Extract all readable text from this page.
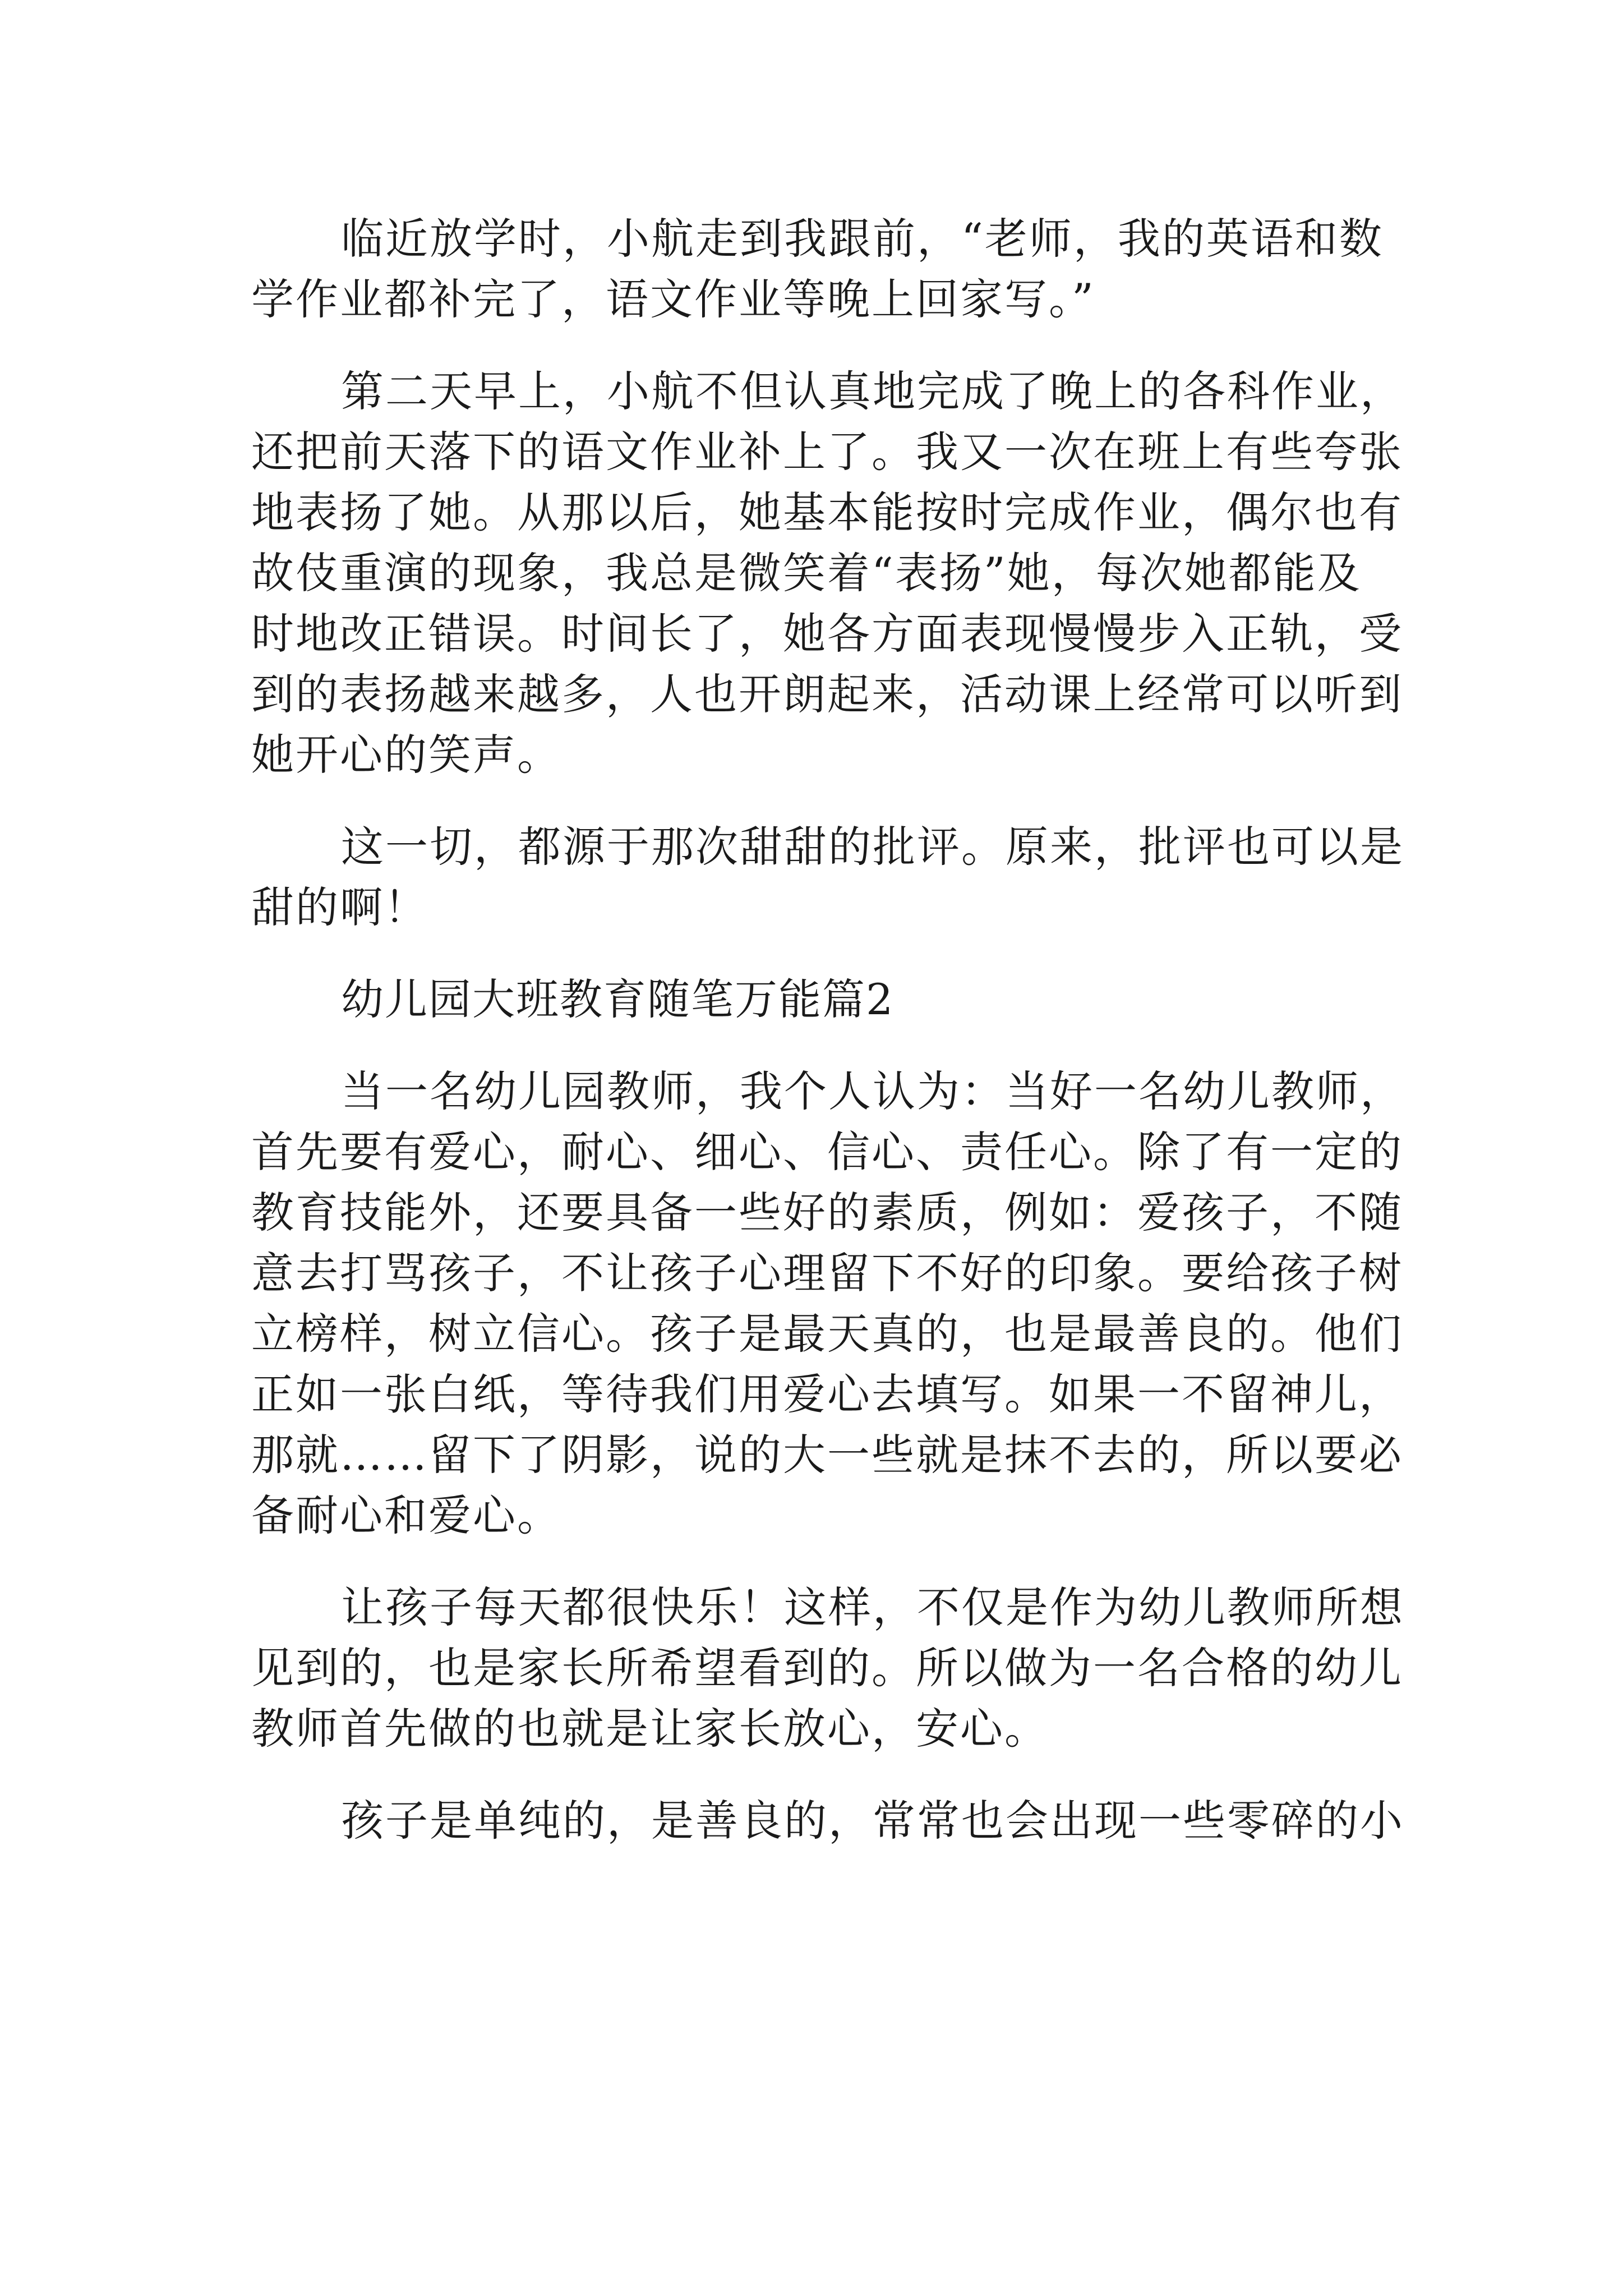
临近放学时，小航走到我跟前，“老师，我的英语和数
学作业都补完了，语文作业等晚上回家写。”
第二天早上，小航不但认真地完成了晚上的各科作业，
还把前天落下的语文作业补上了。我又一次在班上有些夸张
地表扬了她。从那以后，她基本能按时完成作业，偶尔也有
故伎重演的现象，我总是微笑着“表扬”她，每次她都能及
时地改正错误。时间长了，她各方面表现慢慢步入正轨，受
到的表扬越来越多，人也开朗起来，活动课上经常可以听到
她开心的笑声。
这一切，都源于那次甜甜的批评。原来，批评也可以是
甜的啊！
幼儿园大班教育随笔万能篇2
当一名幼儿园教师，我个人认为：当好一名幼儿教师，
首先要有爱心，耐心、细心、信心、责任心。除了有一定的
教育技能外，还要具备一些好的素质，例如：爱孩子，不随
意去打骂孩子，不让孩子心理留下不好的印象。要给孩子树
立榜样，树立信心。孩子是最天真的，也是最善良的。他们
正如一张白纸，等待我们用爱心去填写。如果一不留神儿，
那就……留下了阴影，说的大一些就是抹不去的，所以要必
备耐心和爱心。
让孩子每天都很快乐！这样，不仅是作为幼儿教师所想
见到的，也是家长所希望看到的。所以做为一名合格的幼儿
教师首先做的也就是让家长放心，安心。
孩子是单纯的，是善良的，常常也会出现一些零碎的小
